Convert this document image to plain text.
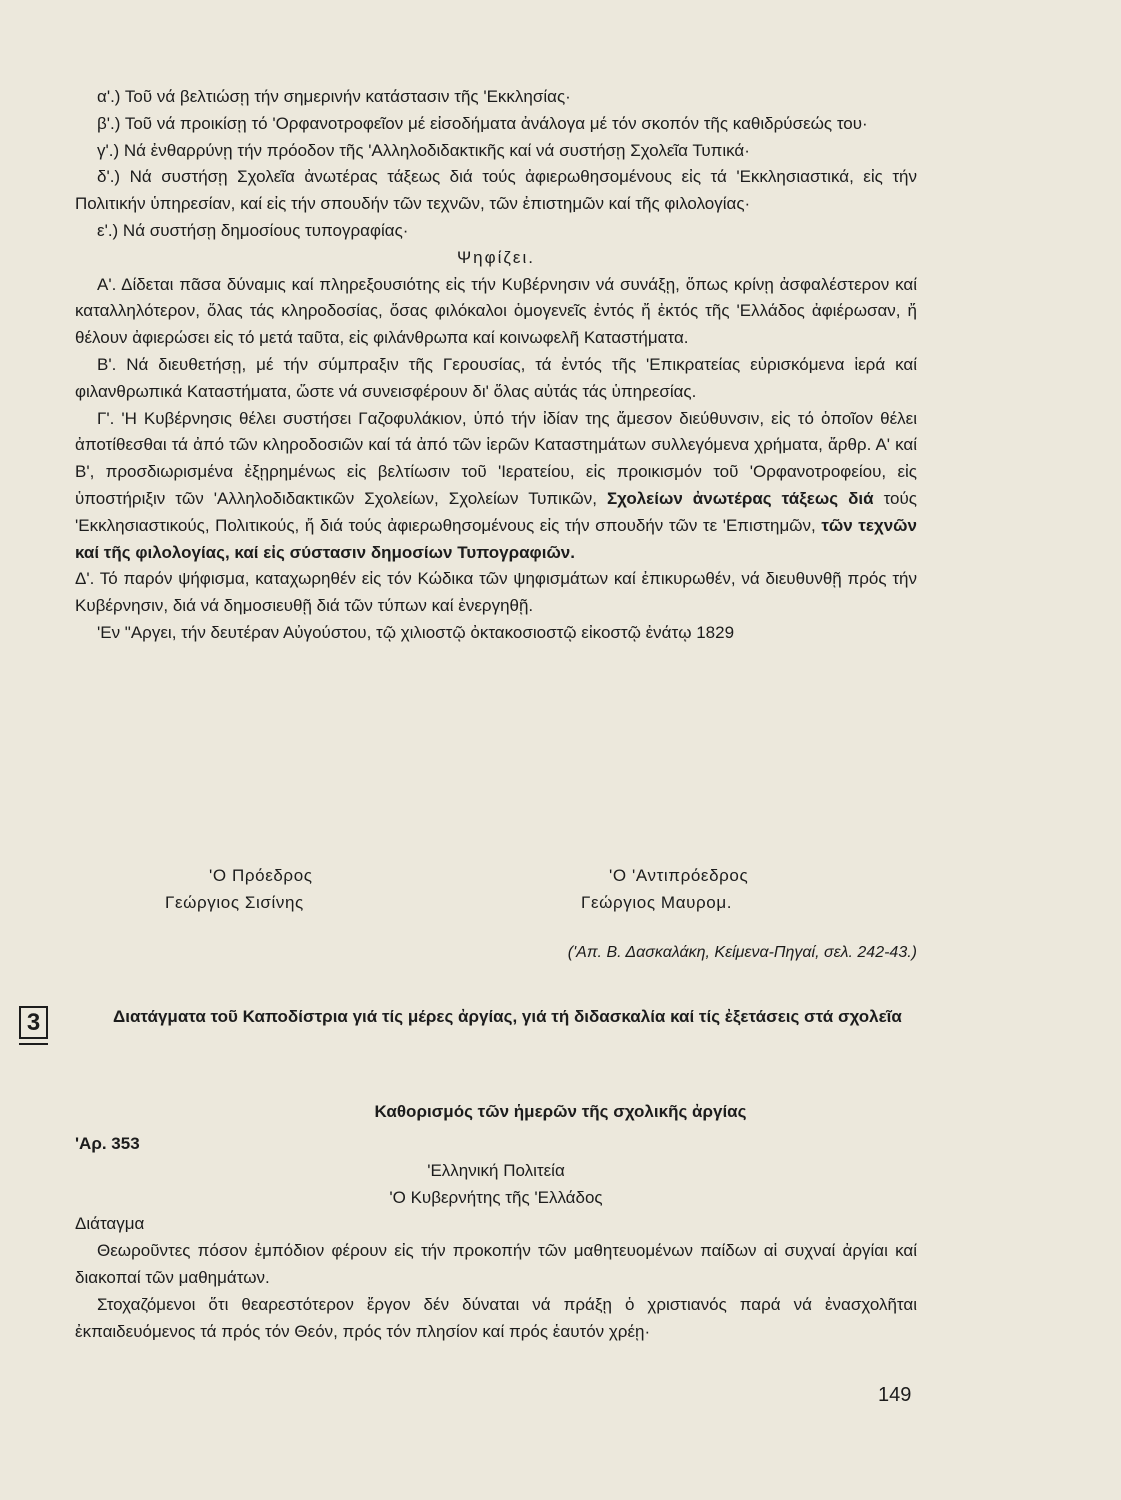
α'.) Τοῦ νά βελτιώσῃ τήν σημερινήν κατάστασιν τῆς 'Εκκλησίας·

β'.) Τοῦ νά προικίσῃ τό 'Ορφανοτροφεῖον μέ εἰσοδήματα ἀνάλογα μέ τόν σκοπόν τῆς καθιδρύσεώς του·

γ'.) Νά ἐνθαρρύνῃ τήν πρόοδον τῆς 'Αλληλοδιδακτικῆς καί νά συστήσῃ Σχολεῖα Τυπικά·

δ'.) Νά συστήσῃ Σχολεῖα ἀνωτέρας τάξεως διά τούς ἀφιερωθησομένους εἰς τά 'Εκκλησιαστικά, εἰς τήν Πολιτικήν ὑπηρεσίαν, καί εἰς τήν σπουδήν τῶν τεχνῶν, τῶν ἐπιστημῶν καί τῆς φιλολογίας·

ε'.) Νά συστήσῃ δημοσίους τυπογραφίας·

Ψηφίζει.

Α'. Δίδεται πᾶσα δύναμις καί πληρεξουσιότης εἰς τήν Κυβέρνησιν νά συνάξῃ, ὅπως κρίνῃ ἀσφαλέστερον καί καταλληλότερον, ὅλας τάς κληροδοσίας, ὅσας φιλόκαλοι ὁμογενεῖς ἐντός ἤ ἐκτός τῆς 'Ελλάδος ἀφιέρωσαν, ἤ θέλουν ἀφιερώσει εἰς τό μετά ταῦτα, εἰς φιλάνθρωπα καί κοινωφελῆ Καταστήματα.

Β'. Νά διευθετήσῃ, μέ τήν σύμπραξιν τῆς Γερουσίας, τά ἐντός τῆς 'Επικρατείας εὑρισκόμενα ἱερά καί φιλανθρωπικά Καταστήματα, ὥστε νά συνεισφέρουν δι' ὅλας αὐτάς τάς ὑπηρεσίας.

Γ'. 'Η Κυβέρνησις θέλει συστήσει Γαζοφυλάκιον, ὑπό τήν ἰδίαν της ἄμεσον διεύθυνσιν, εἰς τό ὁποῖον θέλει ἀποτίθεσθαι τά ἀπό τῶν κληροδοσιῶν καί τά ἀπό τῶν ἱερῶν Καταστημάτων συλλεγόμενα χρήματα, ἄρθρ. Α' καί Β', προσδιωρισμένα ἐξῃρημένως εἰς βελτίωσιν τοῦ 'Ιερατείου, εἰς προικισμόν τοῦ 'Ορφανοτροφείου, εἰς ὑποστήριξιν τῶν 'Αλληλοδιδακτικῶν Σχολείων, Σχολείων Τυπικῶν, Σχολείων ἀνωτέρας τάξεως διά τούς 'Εκκλησιαστικούς, Πολιτικούς, ἤ διά τούς ἀφιερωθησομένους εἰς τήν σπουδήν τῶν τε 'Επιστημῶν, τῶν τεχνῶν καί τῆς φιλολογίας, καί εἰς σύστασιν δημοσίων Τυπογραφιῶν.

Δ'. Τό παρόν ψήφισμα, καταχωρηθέν εἰς τόν Κώδικα τῶν ψηφισμάτων καί ἐπικυρωθέν, νά διευθυνθῇ πρός τήν Κυβέρνησιν, διά νά δημοσιευθῇ διά τῶν τύπων καί ἐνεργηθῇ.

'Εν "Αργει, τήν δευτέραν Αὐγούστου, τῷ χιλιοστῷ ὀκτακοσιοστῷ εἰκοστῷ ἐνάτῳ 1829

'Ο Πρόεδρος
Γεώργιος Σισίνης
'Ο 'Αντιπρόεδρος
Γεώργιος Μαυρομ.
('Απ. Β. Δασκαλάκη, Κείμενα-Πηγαί, σελ. 242-43.)
3	Διατάγματα τοῦ Καποδίστρια γιά τίς μέρες ἀργίας, γιά τή διδασκαλία καί τίς ἐξετάσεις στά σχολεῖα
Καθορισμός τῶν ἡμερῶν τῆς σχολικῆς ἀργίας

'Αρ. 353

'Ελληνική Πολιτεία

'Ο Κυβερνήτης τῆς 'Ελλάδος

Διάταγμα

Θεωροῦντες πόσον ἐμπόδιον φέρουν εἰς τήν προκοπήν τῶν μαθητευομένων παίδων αἱ συχναί ἀργίαι καί διακοπαί τῶν μαθημάτων.

Στοχαζόμενοι ὅτι θεαρεστότερον ἔργον δέν δύναται νά πράξῃ ὁ χριστιανός παρά νά ἐνασχολῆται ἐκπαιδευόμενος τά πρός τόν Θεόν, πρός τόν πλησίον καί πρός ἑαυτόν χρέῃ·

149
